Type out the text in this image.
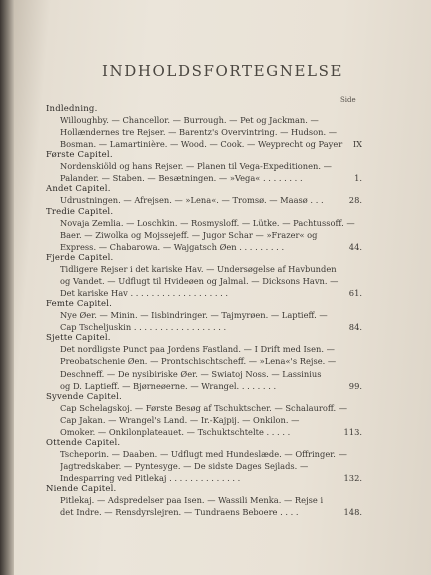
INDHOLDSFORTEGNELSE
Side
Indledning.
Willoughby. — Chancellor. — Burrough. — Pet og Jackman. —
Hollændernes tre Rejser. — Barentz's Overvintring. — Hudson. —
Bosman. — Lamartinière. — Wood. — Cook. — Weyprecht og Payer IX
Første Capitel.
Nordenskiöld og hans Rejser. — Planen til Vega-Expeditionen. —
Palander. — Staben. — Besætningen. — »Vega« . . . . . . . .	1.
Andet Capitel.
Udrustningen. — Afrejsen. — »Lena«. — Tromsø. — Maasø . . .	28.
Tredie Capitel.
Novaja Zemlia. — Loschkin. — Rosmysloff. — Lütke. — Pachtussoff. —
Baer. — Ziwolka og Mojssejeff. — Jugor Schar — »Frazer« og
Express. — Chabarowa. — Wajgatsch Øen . . . . . . . . .	44.
Fjerde Capitel.
Tidligere Rejser i det kariske Hav. — Undersøgelse af Havbunden
og Vandet. — Udflugt til Hvideøen og Jalmal. — Dicksons Havn. —
Det kariske Hav . . . . . . . . . . . . . . . . . . .	61.
Femte Capitel.
Nye Øer. — Minin. — Iisbindringer. — Tajmyrøen. — Laptieff. —
Cap Tscheljuskin . . . . . . . . . . . . . . . . . .	84.
Sjette Capitel.
Det nordligste Punct paa Jordens Fastland. — I Drift med Isen. —
Preobatschenie Øen. — Prontschischtscheff. — »Lena«'s Rejse. —
Deschneff. — De nysibiriske Øer. — Swiatoj Noss. — Lassinius
og D. Laptieff. — Bjørneøerne. — Wrangel. . . . . . . .	99.
Syvende Capitel.
Cap Schelagskoj. — Første Besøg af Tschuktscher. — Schalauroff. —
Cap Jakan. — Wrangel's Land. — Ir.-Kajpij. — Onkilon. —
Omoker. — Onkilonplateauet. — Tschuktschtelte . . . . .	113.
Ottende Capitel.
Tscheporin. — Daaben. — Udflugt med Hundeslæde. — Offringer. —
Jagtredskaber. — Pyntesyge. — De sidste Dages Sejlads. —
Indesparring ved Pitlekaj . . . . . . . . . . . . . .	132.
Niende Capitel.
Pitlekaj. — Adspredelser paa Isen. — Wassili Menka. — Rejse i
det Indre. — Rensdyrslejren. — Tundraens Beboere . . . .	148.
